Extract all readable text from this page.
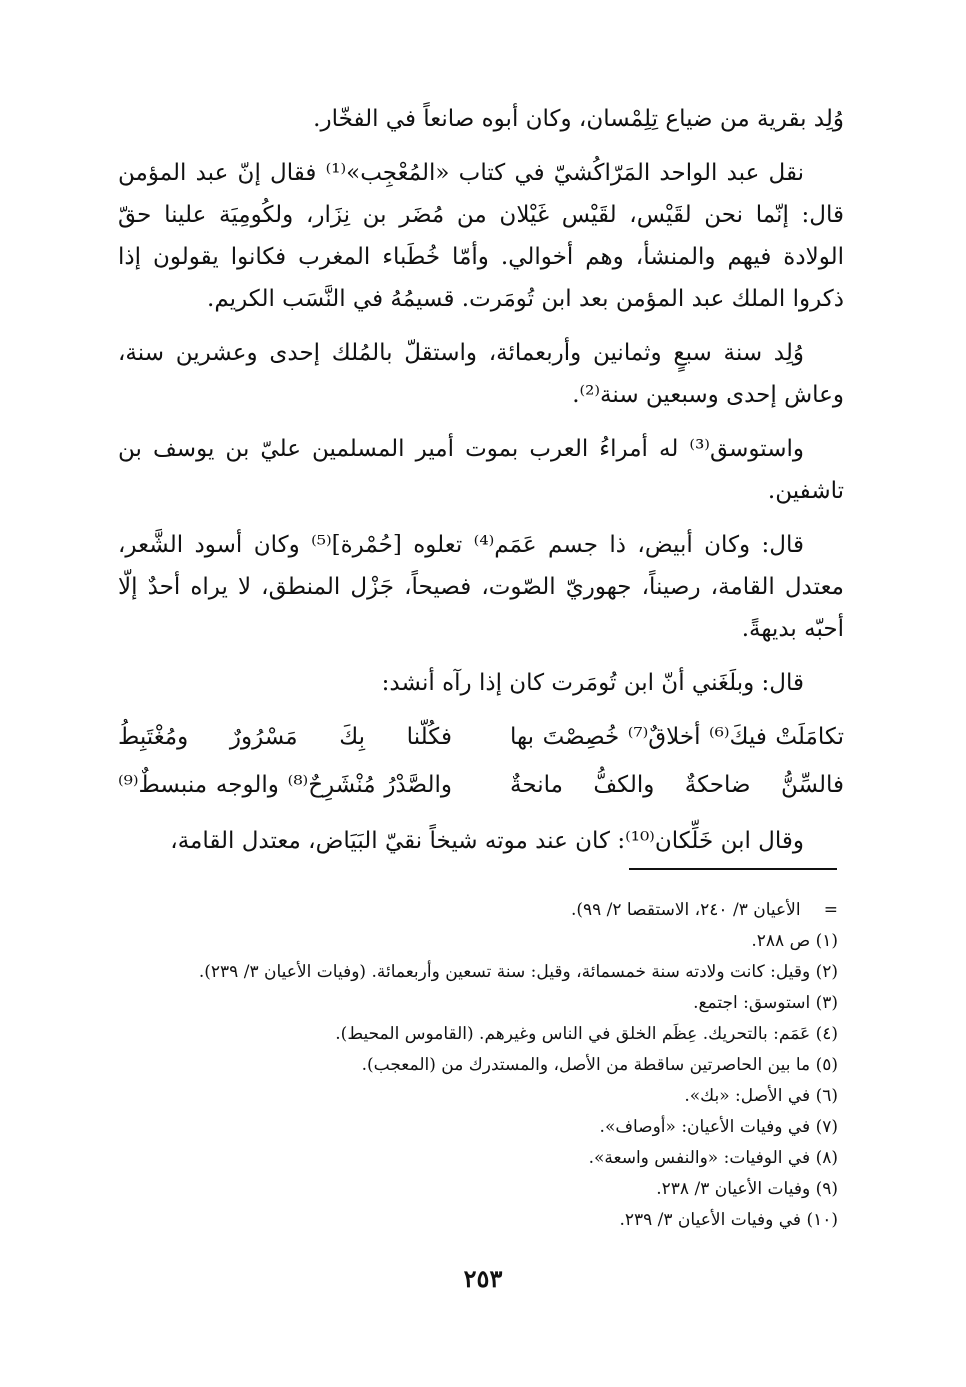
وُلِد بقرية من ضياع تِلِمْسان، وكان أبوه صانعاً في الفخّار.

نقل عبد الواحد المَرّاكُشيّ في كتاب «المُعْجِب»⁽¹⁾ فقال إنّ عبد المؤمن قال: إنّما نحن لقَيْس، لقَيْس غَيْلان من مُضَر بن نِزَار، ولكُومِيَة علينا حقّ الولادة فيهم والمنشأ، وهم أخوالي. وأمّا خُطَباء المغرب فكانوا يقولون إذا ذكروا الملك عبد المؤمن بعد ابن تُومَرت. قسيمُهُ في النَّسَب الكريم.

وُلِد سنة سبعٍ وثمانين وأربعمائة، واستقلّ بالمُلك إحدى وعشرين سنة، وعاش إحدى وسبعين سنة⁽²⁾.

واستوسق⁽³⁾ له أمراءُ العرب بموت أمير المسلمين عليّ بن يوسف بن تاشفين.

قال: وكان أبيض، ذا جسم عَمَم⁽⁴⁾ تعلوه [حُمْرة]⁽⁵⁾ وكان أسود الشَّعر، معتدل القامة، رصيناً، جهوريّ الصّوت، فصيحاً، جَزْل المنطق، لا يراه أحدٌ إلّا أحبّه بديهةً.

قال: وبلَغَني أنّ ابن تُومَرت كان إذا رآه أنشد:

تكامَلَتْ فيكَ⁽⁶⁾ أخلاقٌ⁽⁷⁾ خُصِصْتَ بها
فكُلّنا بِكَ مَسْرُورٌ ومُغْتَبِطُ
فالسِّنُّ ضاحكةٌ والكفُّ مانحةٌ
والصَّدْرُ مُنْشَرِحٌ⁽⁸⁾ والوجه منبسطٌ⁽⁹⁾

وقال ابن خَلِّكان⁽¹⁰⁾: كان عند موته شيخاً نقيّ البَيَاض، معتدل القامة،

= الأعيان ٣/ ٢٤٠، الاستقصا ٢/ ٩٩).
(١) ص ٢٨٨.
(٢) وقيل: كانت ولادته سنة خمسمائة، وقيل: سنة تسعين وأربعمائة. (وفيات الأعيان ٣/ ٢٣٩).
(٣) استوسق: اجتمع.
(٤) عَمَم: بالتحريك. عِظَم الخلق في الناس وغيرهم. (القاموس المحيط).
(٥) ما بين الحاصرتين ساقطة من الأصل، والمستدرك من (المعجب).
(٦) في الأصل: «بك».
(٧) في وفيات الأعيان: «أوصاف».
(٨) في الوفيات: «والنفس واسعة».
(٩) وفيات الأعيان ٣/ ٢٣٨.
(١٠) في وفيات الأعيان ٣/ ٢٣٩.
٢٥٣
